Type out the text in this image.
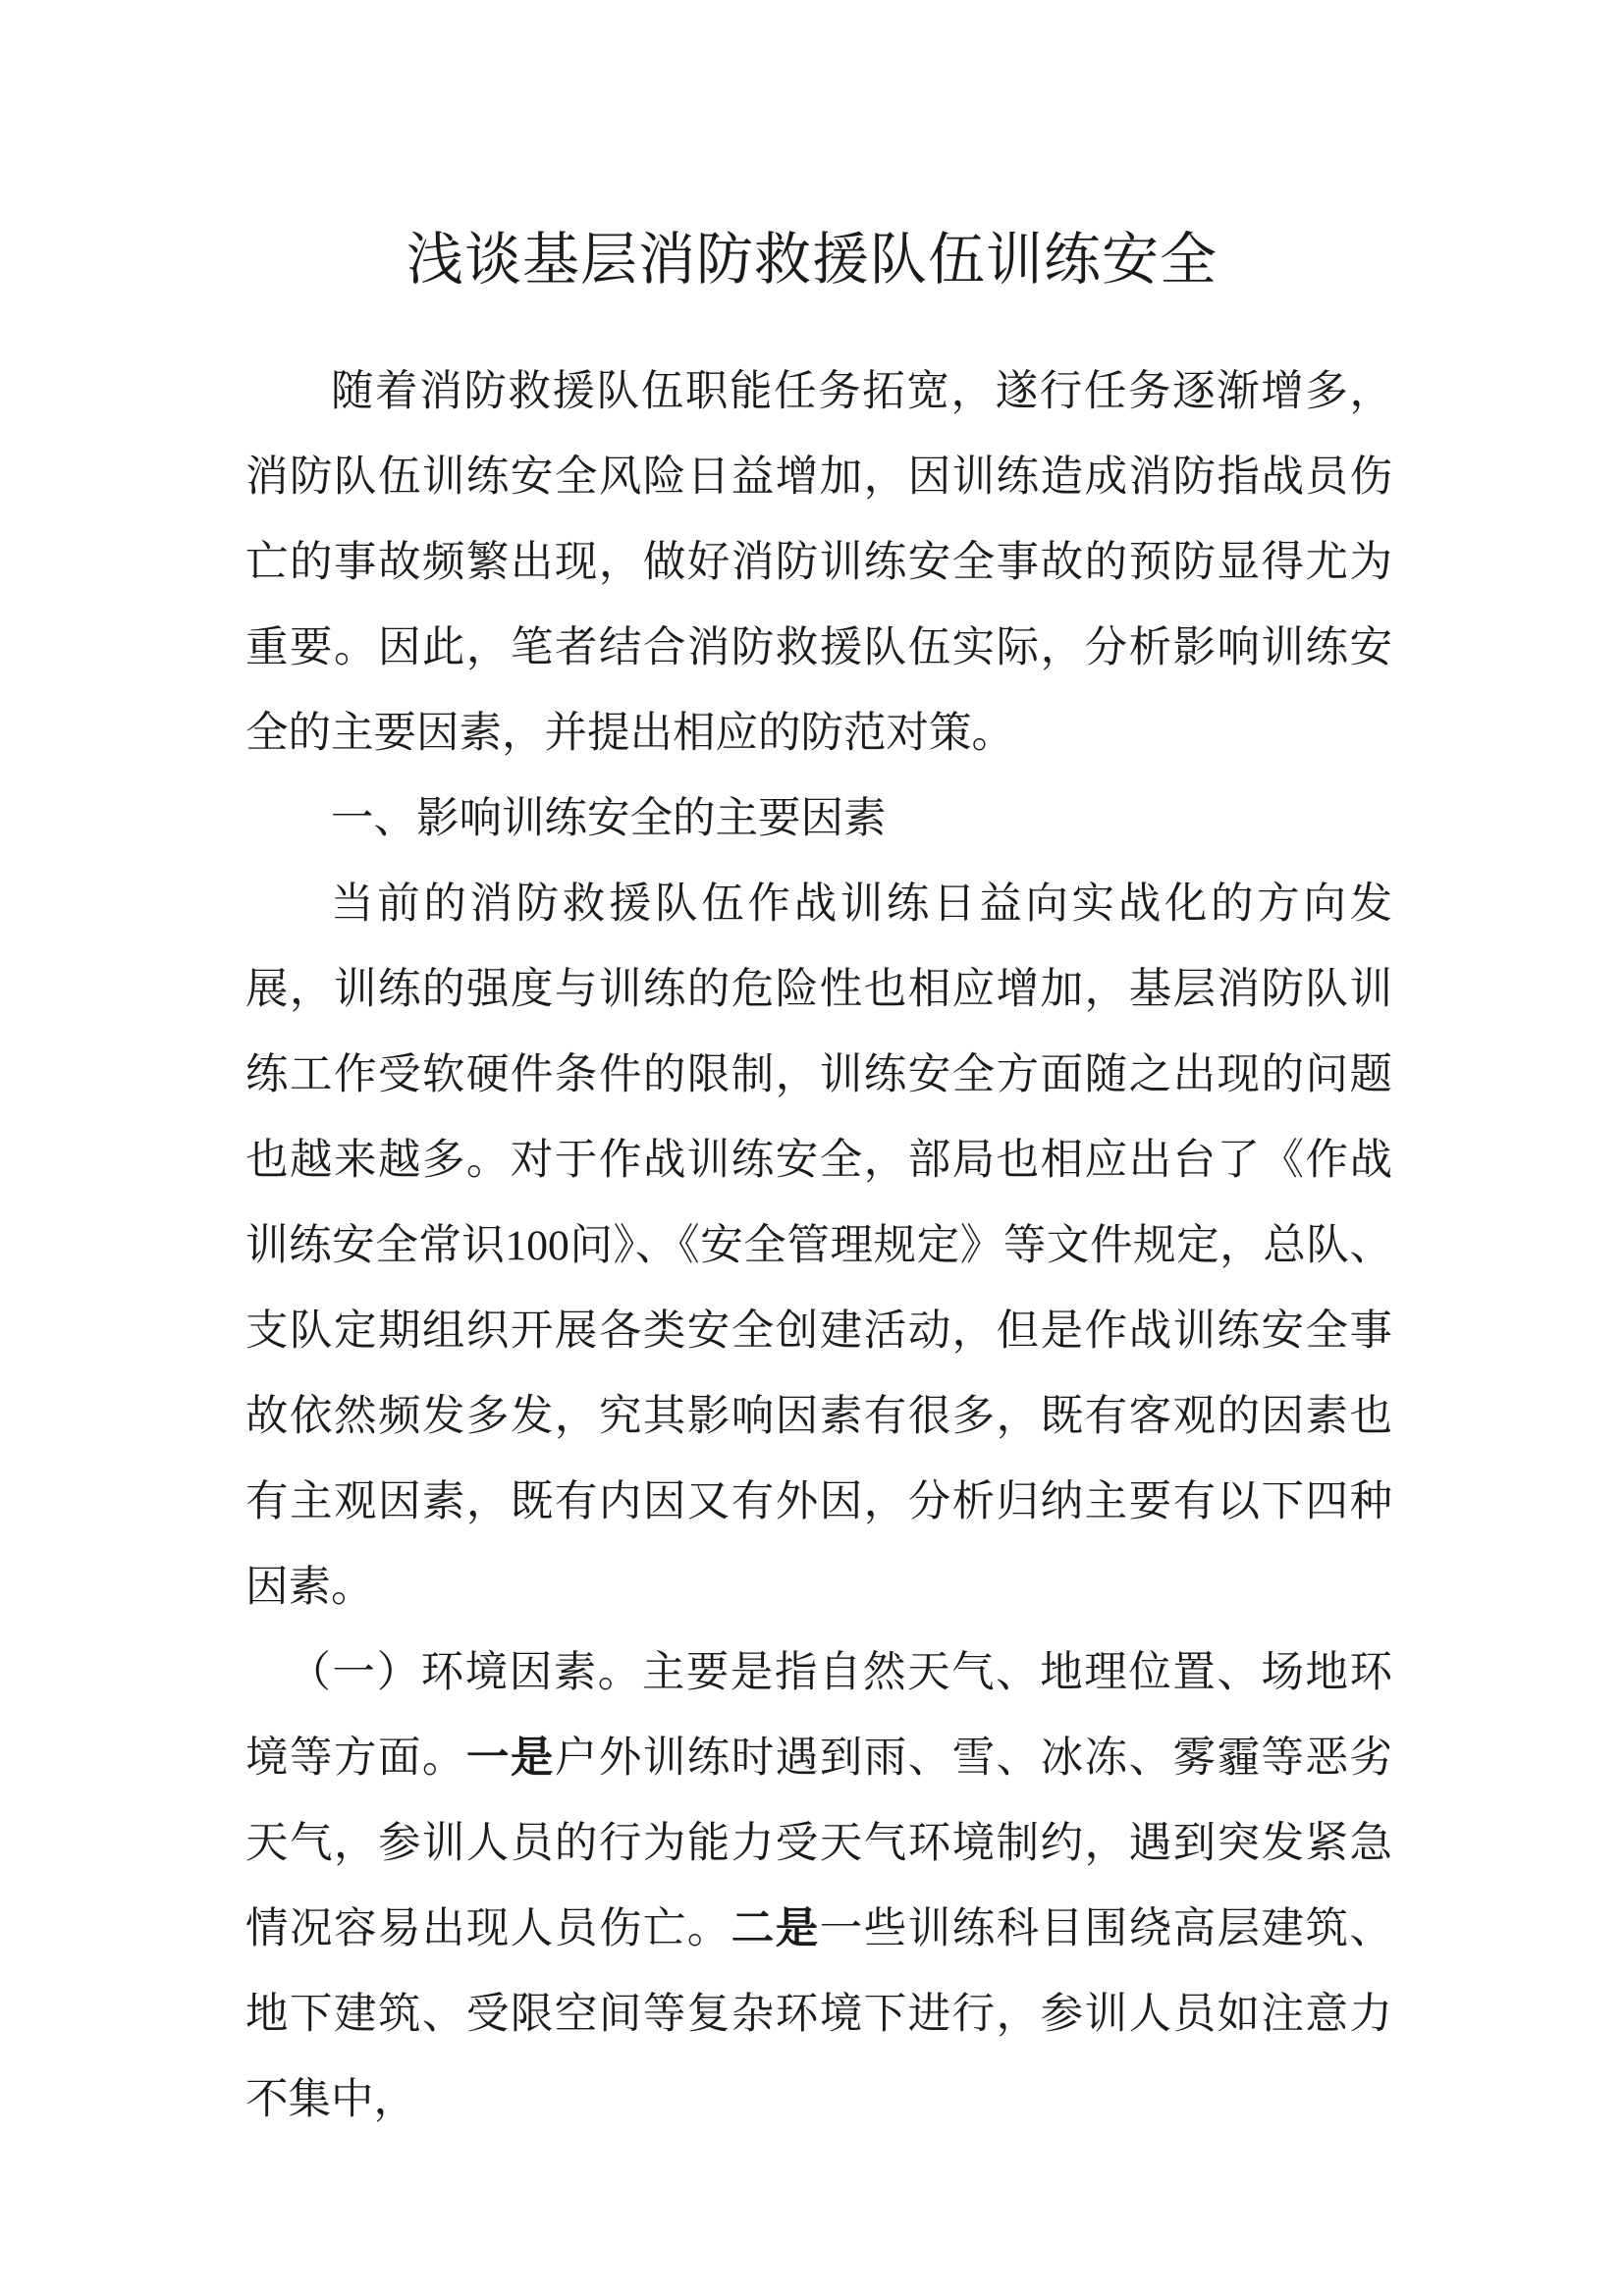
浅谈基层消防救援队伍训练安全

随着消防救援队伍职能任务拓宽，遂行任务逐渐增多，消防队伍训练安全风险日益增加，因训练造成消防指战员伤亡的事故频繁出现，做好消防训练安全事故的预防显得尤为重要。因此，笔者结合消防救援队伍实际，分析影响训练安全的主要因素，并提出相应的防范对策。

一、影响训练安全的主要因素

当前的消防救援队伍作战训练日益向实战化的方向发展，训练的强度与训练的危险性也相应增加，基层消防队训练工作受软硬件条件的限制，训练安全方面随之出现的问题也越来越多。对于作战训练安全，部局也相应出台了《作战训练安全常识100问》、《安全管理规定》等文件规定，总队、支队定期组织开展各类安全创建活动，但是作战训练安全事故依然频发多发，究其影响因素有很多，既有客观的因素也有主观因素，既有内因又有外因，分析归纳主要有以下四种因素。

（一）环境因素。主要是指自然天气、地理位置、场地环境等方面。一是户外训练时遇到雨、雪、冰冻、雾霾等恶劣天气，参训人员的行为能力受天气环境制约，遇到突发紧急情况容易出现人员伤亡。二是一些训练科目围绕高层建筑、地下建筑、受限空间等复杂环境下进行，参训人员如注意力不集中，
